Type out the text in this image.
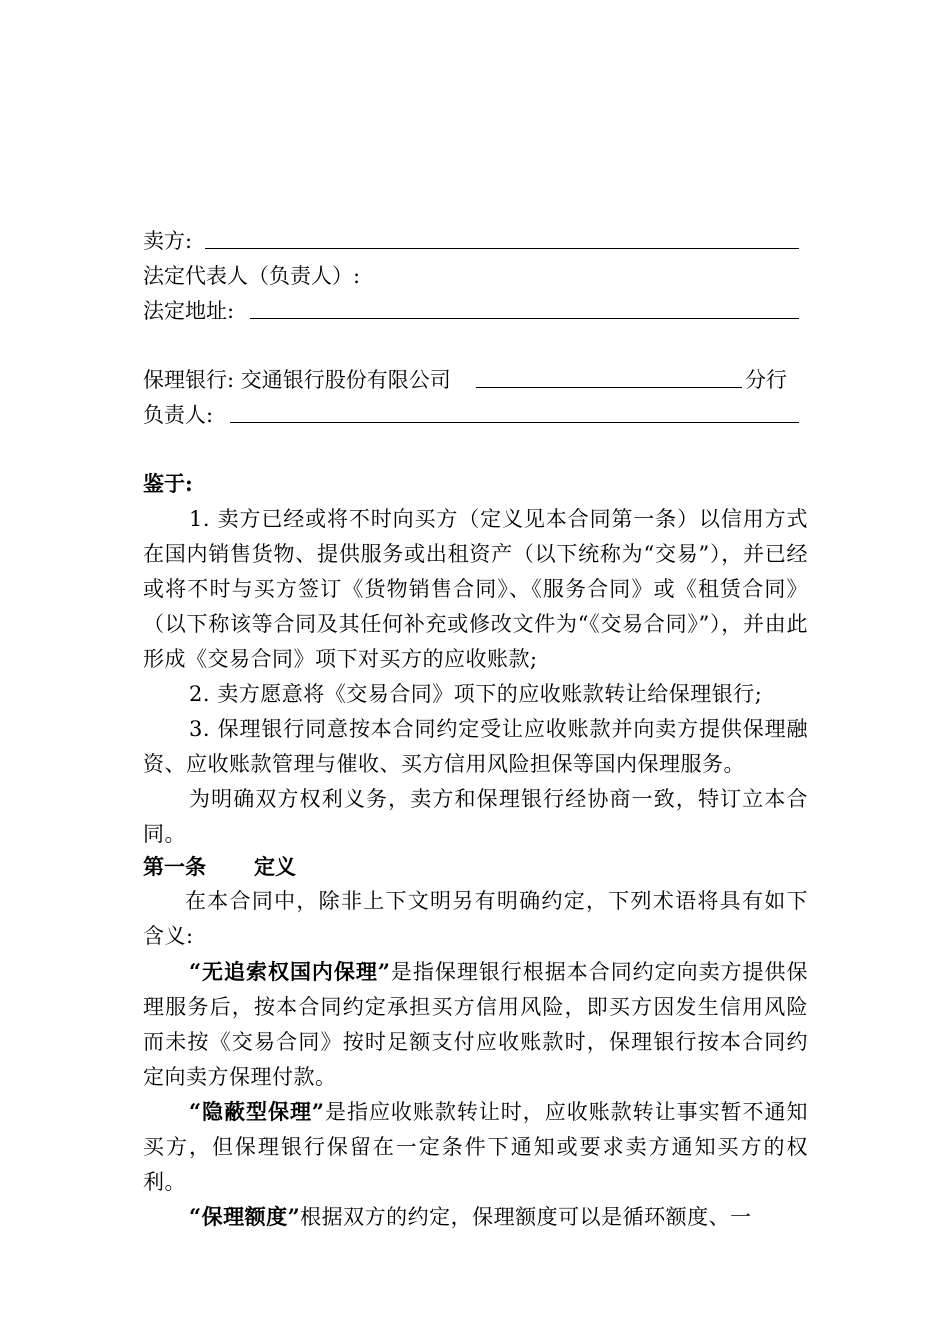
卖方:
法定代表人（负责人）:
法定地址:
保理银行: 交通银行股份有限公司	分行
负责人:
鉴于:
1. 卖方已经或将不时向买方（定义见本合同第一条）以信用方式在国内销售货物、提供服务或出租资产（以下统称为“交易”），并已经或将不时与买方签订《货物销售合同》、《服务合同》或《租赁合同》（以下称该等合同及其任何补充或修改文件为“《交易合同》”），并由此形成《交易合同》项下对买方的应收账款;
2. 卖方愿意将《交易合同》项下的应收账款转让给保理银行;
3. 保理银行同意按本合同约定受让应收账款并向卖方提供保理融资、应收账款管理与催收、买方信用风险担保等国内保理服务。
为明确双方权利义务，卖方和保理银行经协商一致，特订立本合同。
第一条 定义
在本合同中，除非上下文明另有明确约定，下列术语将具有如下含义:
“无追索权国内保理”是指保理银行根据本合同约定向卖方提供保理服务后，按本合同约定承担买方信用风险，即买方因发生信用风险而未按《交易合同》按时足额支付应收账款时，保理银行按本合同约定向卖方保理付款。
“隐蔽型保理”是指应收账款转让时，应收账款转让事实暂不通知买方，但保理银行保留在一定条件下通知或要求卖方通知买方的权利。
“保理额度”根据双方的约定，保理额度可以是循环额度、一
